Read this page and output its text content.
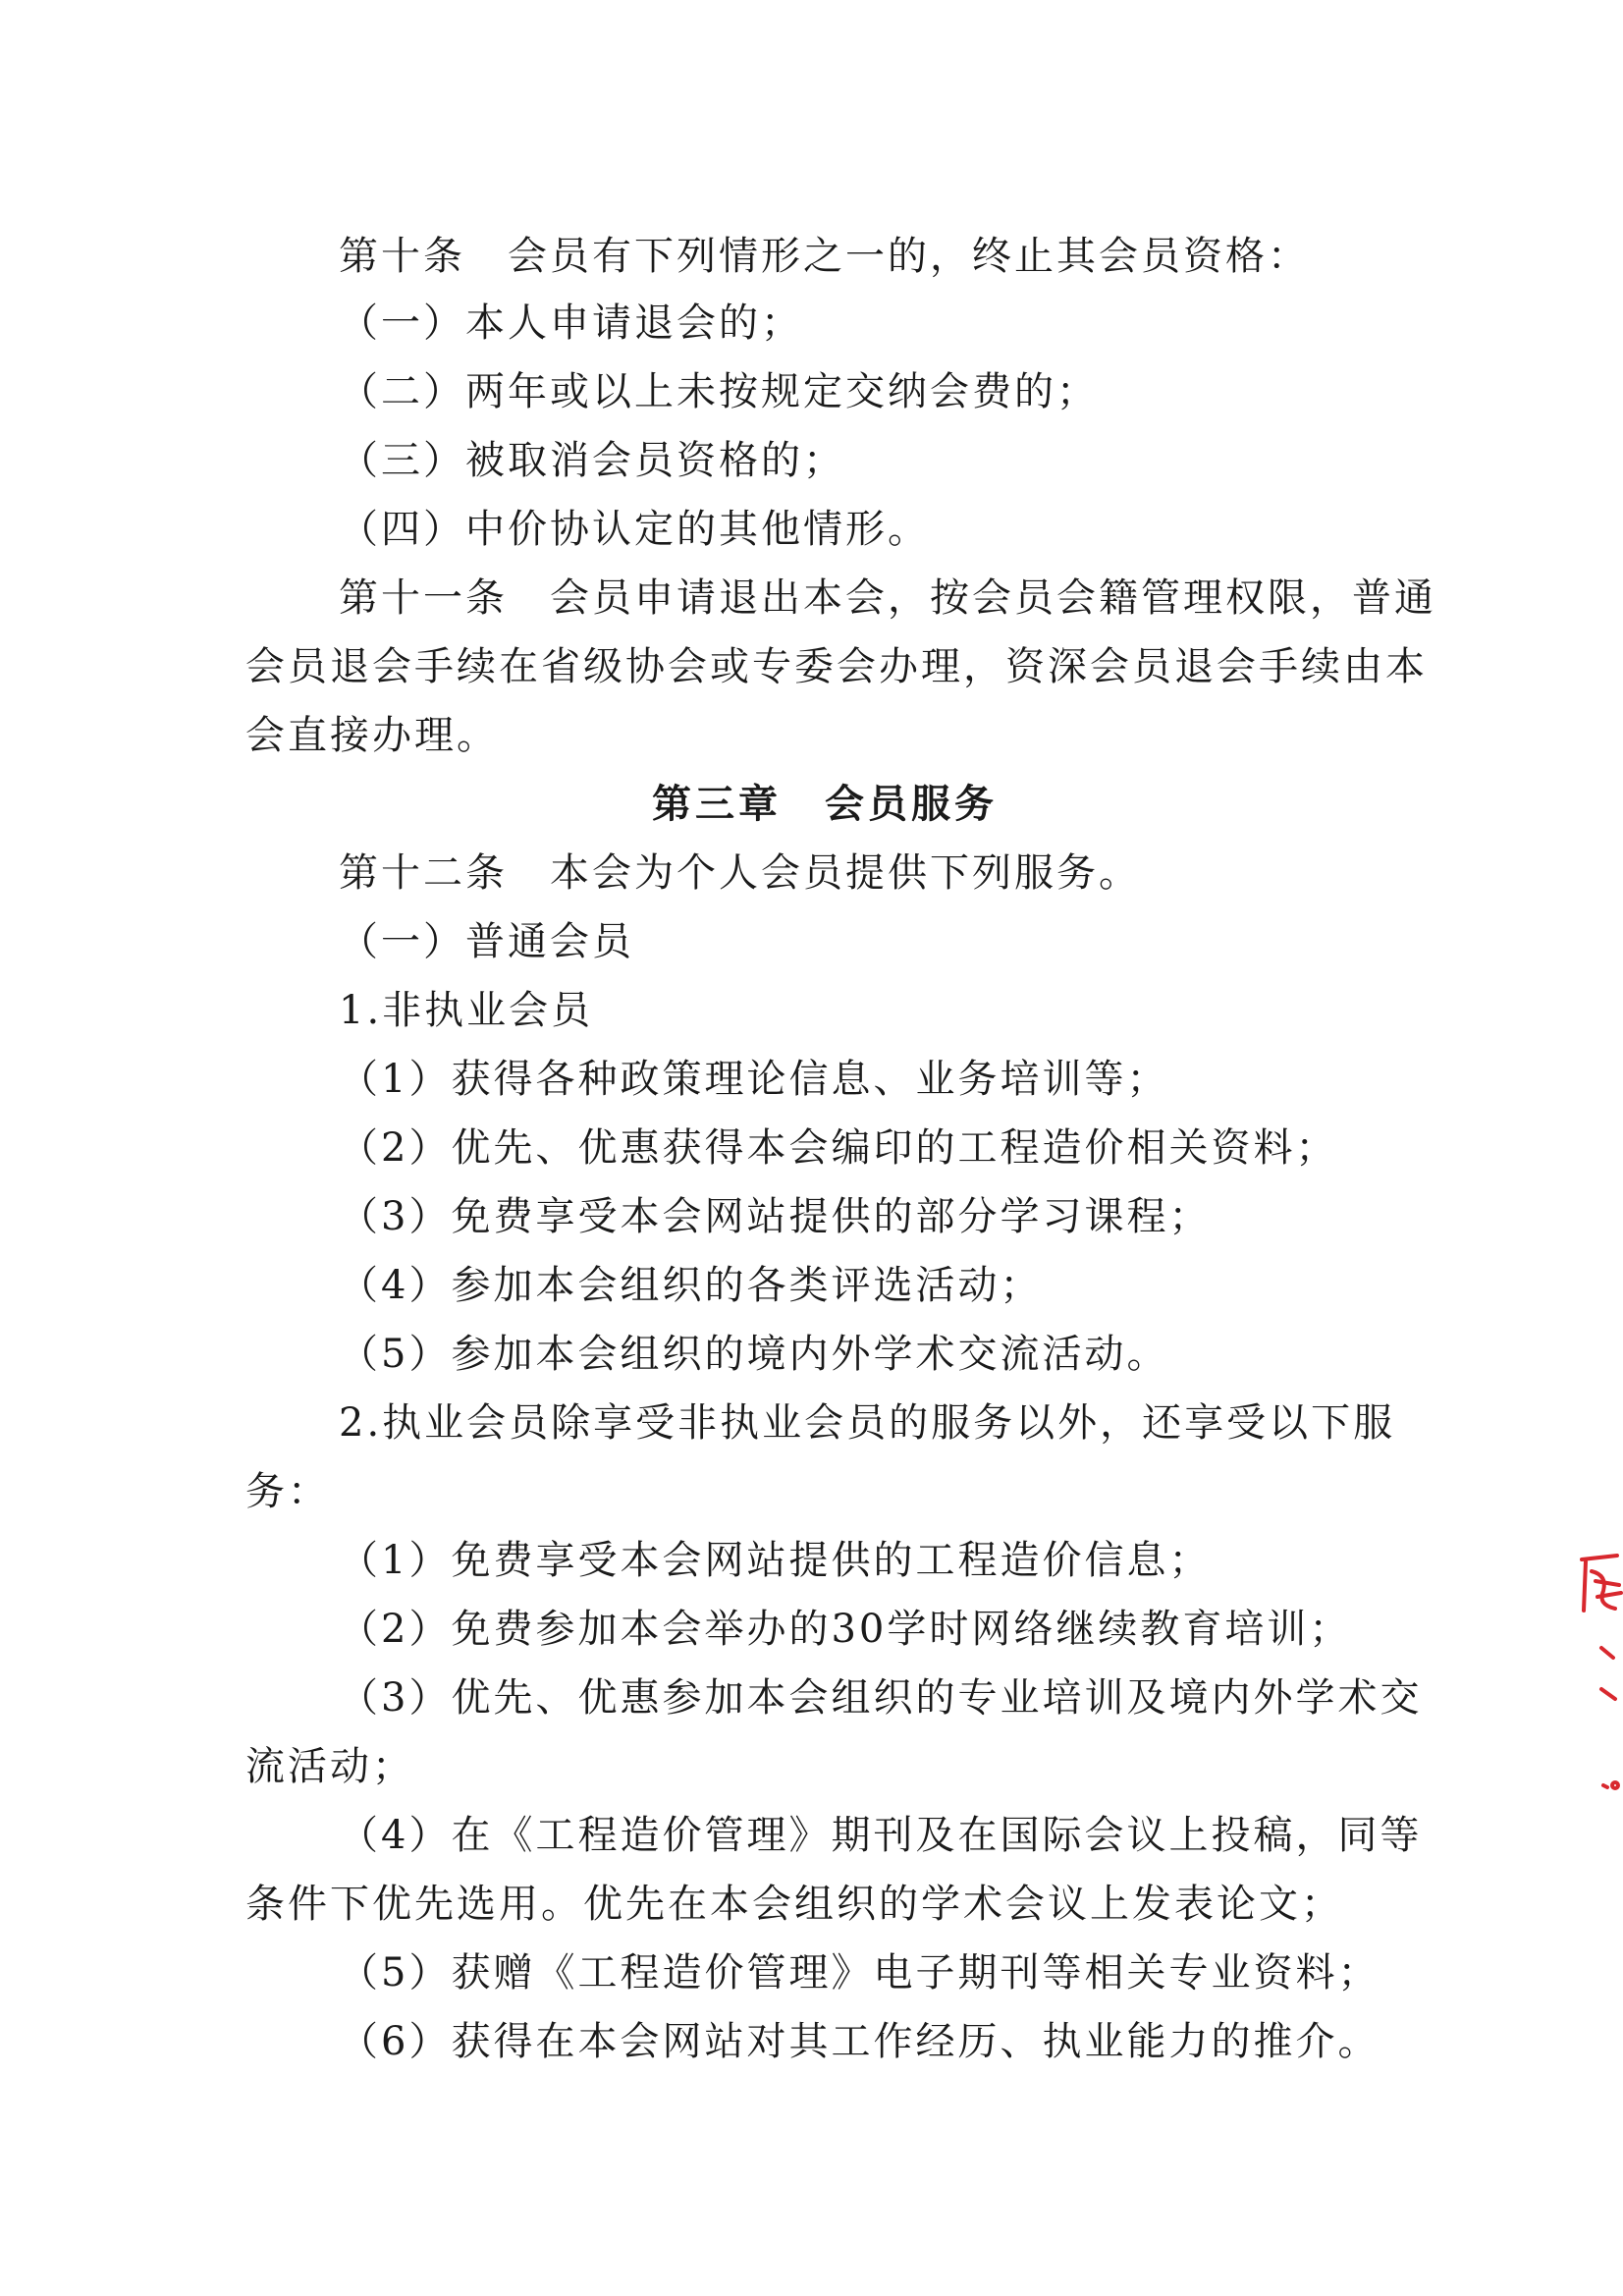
第十条　会员有下列情形之一的，终止其会员资格：
（一）本人申请退会的；
（二）两年或以上未按规定交纳会费的；
（三）被取消会员资格的；
（四）中价协认定的其他情形。
第十一条　会员申请退出本会，按会员会籍管理权限，普通
会员退会手续在省级协会或专委会办理，资深会员退会手续由本
会直接办理。
第三章　会员服务
第十二条　本会为个人会员提供下列服务。
（一）普通会员
1.非执业会员
（1）获得各种政策理论信息、业务培训等；
（2）优先、优惠获得本会编印的工程造价相关资料；
（3）免费享受本会网站提供的部分学习课程；
（4）参加本会组织的各类评选活动；
（5）参加本会组织的境内外学术交流活动。
2.执业会员除享受非执业会员的服务以外，还享受以下服
务：
（1）免费享受本会网站提供的工程造价信息；
（2）免费参加本会举办的30学时网络继续教育培训；
（3）优先、优惠参加本会组织的专业培训及境内外学术交
流活动；
（4）在《工程造价管理》期刊及在国际会议上投稿，同等
条件下优先选用。优先在本会组织的学术会议上发表论文；
（5）获赠《工程造价管理》电子期刊等相关专业资料；
（6）获得在本会网站对其工作经历、执业能力的推介。
